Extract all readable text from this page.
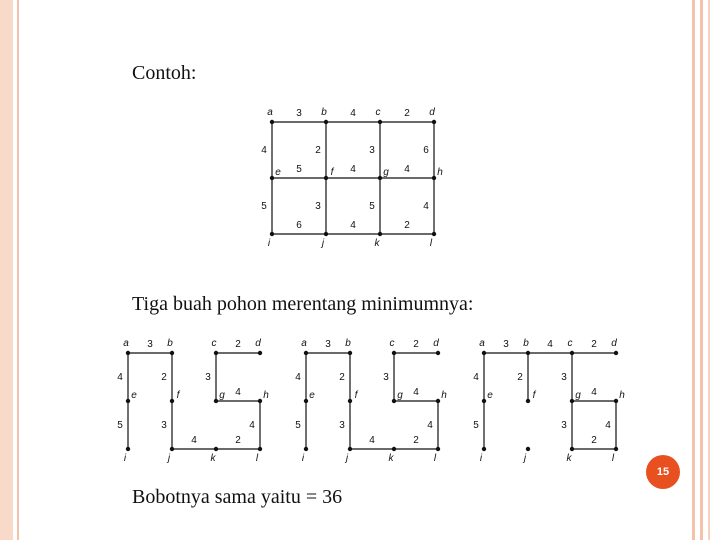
Contoh:
3	4	2
4	2	3	6
5	4	4
5	3	5	4
6	4	2
a	b	c	d
e	f	g	h
i	j	k	l
3	2
4	2	3
3
4
5
4	2
4
a	b	c	d
e	f	g	h
i	j	k	l
3	2
4	2	3
3
4
5
4	2
4
a	b	c	d
e	f	g	h
i	j	k	l
3	4	2
4	2	3
4
5	3
2
4
a	b	c	d
e	f	g	h
i	j	k	l
Tiga buah pohon merentang minimumnya:
Bobotnya sama yaitu = 36
15
